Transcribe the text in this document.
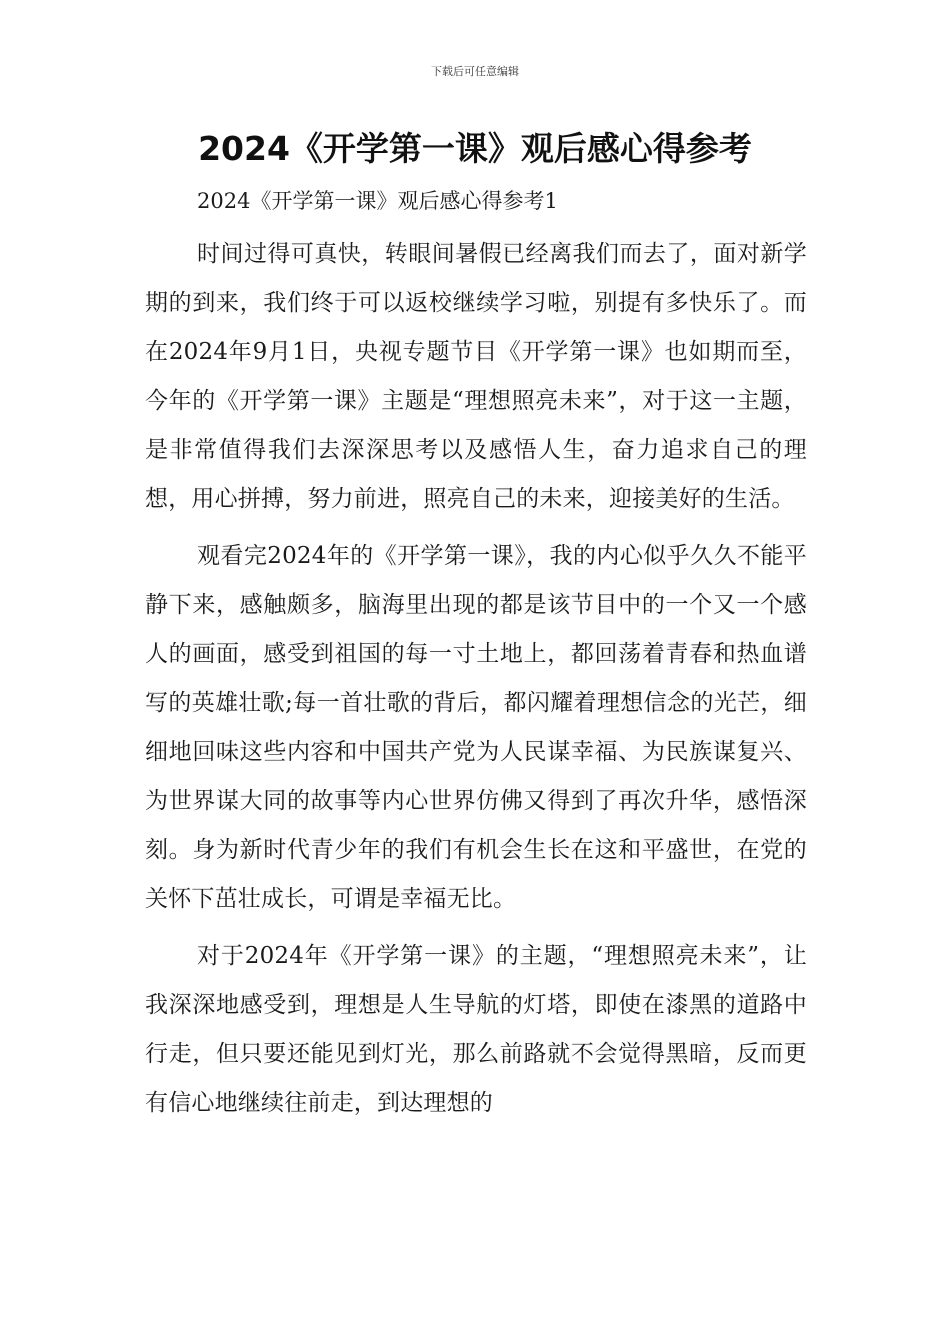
下载后可任意编辑
2024《开学第一课》观后感心得参考

2024《开学第一课》观后感心得参考1

时间过得可真快，转眼间暑假已经离我们而去了，面对新学期的到来，我们终于可以返校继续学习啦，别提有多快乐了。而在2024年9月1日，央视专题节目《开学第一课》也如期而至，今年的《开学第一课》主题是“理想照亮未来”，对于这一主题，是非常值得我们去深深思考以及感悟人生，奋力追求自己的理想，用心拼搏，努力前进，照亮自己的未来，迎接美好的生活。

观看完2024年的《开学第一课》，我的内心似乎久久不能平静下来，感触颇多，脑海里出现的都是该节目中的一个又一个感人的画面，感受到祖国的每一寸土地上，都回荡着青春和热血谱写的英雄壮歌;每一首壮歌的背后，都闪耀着理想信念的光芒，细细地回味这些内容和中国共产党为人民谋幸福、为民族谋复兴、为世界谋大同的故事等内心世界仿佛又得到了再次升华，感悟深刻。身为新时代青少年的我们有机会生长在这和平盛世，在党的关怀下茁壮成长，可谓是幸福无比。

对于2024年《开学第一课》的主题，“理想照亮未来”，让我深深地感受到，理想是人生导航的灯塔，即使在漆黑的道路中行走，但只要还能见到灯光，那么前路就不会觉得黑暗，反而更有信心地继续往前走，到达理想的
